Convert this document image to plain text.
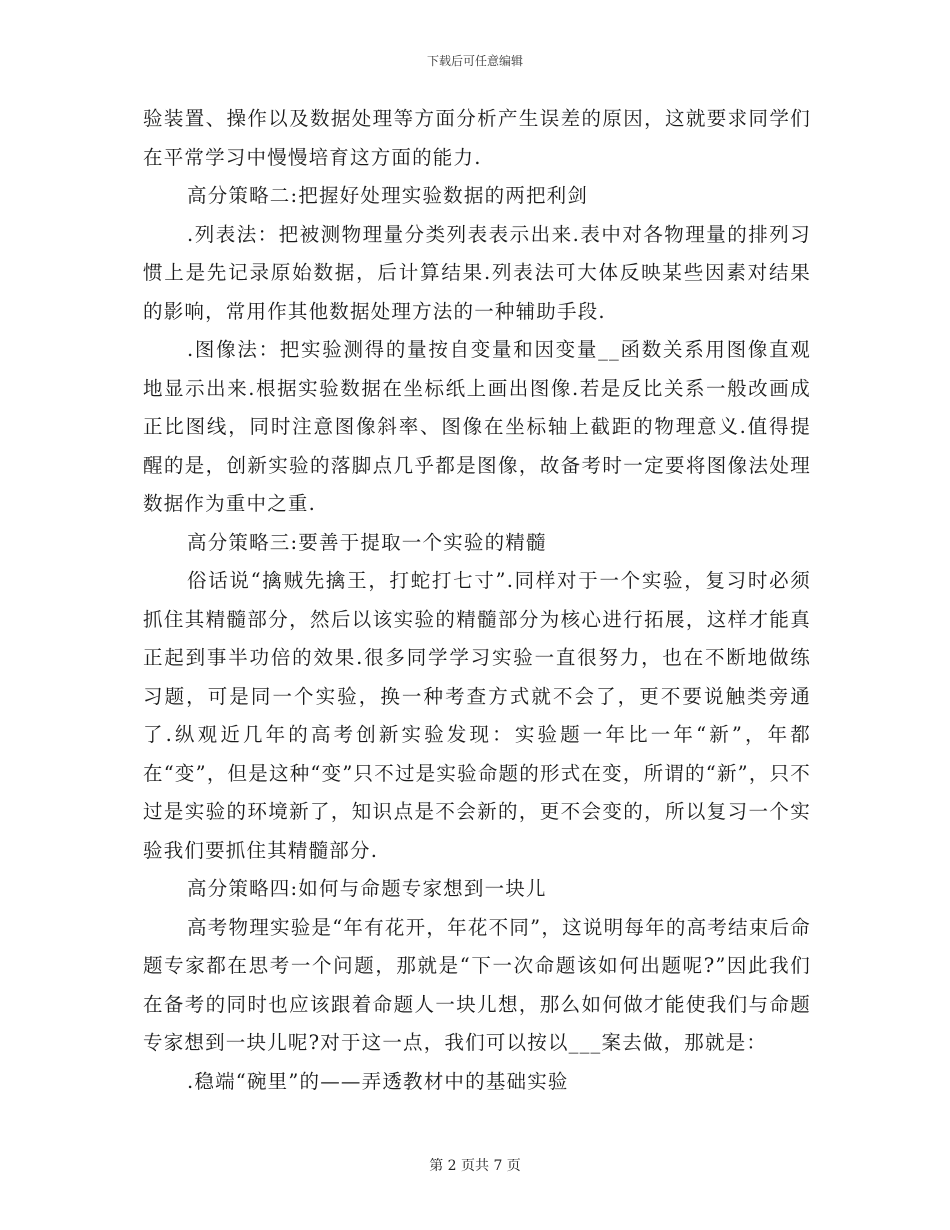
下载后可任意编辑

验装置、操作以及数据处理等方面分析产生误差的原因，这就要求同学们在平常学习中慢慢培育这方面的能力.

高分策略二:把握好处理实验数据的两把利剑

.列表法：把被测物理量分类列表表示出来.表中对各物理量的排列习惯上是先记录原始数据，后计算结果.列表法可大体反映某些因素对结果的影响，常用作其他数据处理方法的一种辅助手段.

.图像法：把实验测得的量按自变量和因变量__函数关系用图像直观地显示出来.根据实验数据在坐标纸上画出图像.若是反比关系一般改画成正比图线，同时注意图像斜率、图像在坐标轴上截距的物理意义.值得提醒的是，创新实验的落脚点几乎都是图像，故备考时一定要将图像法处理数据作为重中之重.

高分策略三:要善于提取一个实验的精髓

俗话说“擒贼先擒王，打蛇打七寸”.同样对于一个实验，复习时必须抓住其精髓部分，然后以该实验的精髓部分为核心进行拓展，这样才能真正起到事半功倍的效果.很多同学学习实验一直很努力，也在不断地做练习题，可是同一个实验，换一种考查方式就不会了，更不要说触类旁通了.纵观近几年的高考创新实验发现：实验题一年比一年“新”，年都在“变”，但是这种“变”只不过是实验命题的形式在变，所谓的“新”，只不过是实验的环境新了，知识点是不会新的，更不会变的，所以复习一个实验我们要抓住其精髓部分.

高分策略四:如何与命题专家想到一块儿

高考物理实验是“年有花开，年花不同”，这说明每年的高考结束后命题专家都在思考一个问题，那就是“下一次命题该如何出题呢?”因此我们在备考的同时也应该跟着命题人一块儿想，那么如何做才能使我们与命题专家想到一块儿呢?对于这一点，我们可以按以___案去做，那就是：

.稳端“碗里”的——弄透教材中的基础实验

第 2 页共 7 页
